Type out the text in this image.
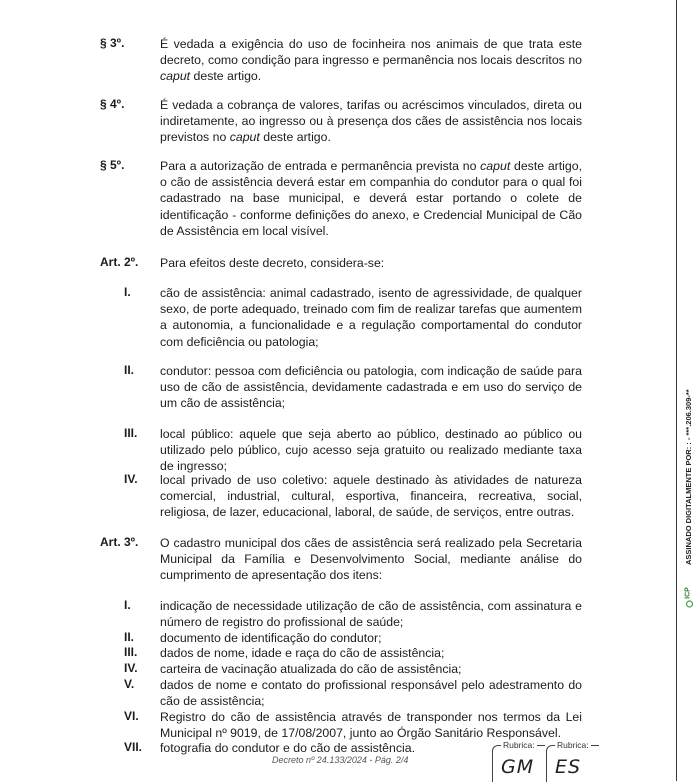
§ 3º.	É vedada a exigência do uso de focinheira nos animais de que trata este decreto, como condição para ingresso e permanência nos locais descritos no caput deste artigo.
§ 4º.	É vedada a cobrança de valores, tarifas ou acréscimos vinculados, direta ou indiretamente, ao ingresso ou à presença dos cães de assistência nos locais previstos no caput deste artigo.
§ 5º.	Para a autorização de entrada e permanência prevista no caput deste artigo, o cão de assistência deverá estar em companhia do condutor para o qual foi cadastrado na base municipal, e deverá estar portando o colete de identificação - conforme definições do anexo, e Credencial Municipal de Cão de Assistência em local visível.
Art. 2º. Para efeitos deste decreto, considera-se:
I. cão de assistência: animal cadastrado, isento de agressividade, de qualquer sexo, de porte adequado, treinado com fim de realizar tarefas que aumentem a autonomia, a funcionalidade e a regulação comportamental do condutor com deficiência ou patologia;
II. condutor: pessoa com deficiência ou patologia, com indicação de saúde para uso de cão de assistência, devidamente cadastrada e em uso do serviço de um cão de assistência;
III. local público: aquele que seja aberto ao público, destinado ao público ou utilizado pelo público, cujo acesso seja gratuito ou realizado mediante taxa de ingresso;
IV. local privado de uso coletivo: aquele destinado às atividades de natureza comercial, industrial, cultural, esportiva, financeira, recreativa, social, religiosa, de lazer, educacional, laboral, de saúde, de serviços, entre outras.
Art. 3º. O cadastro municipal dos cães de assistência será realizado pela Secretaria Municipal da Família e Desenvolvimento Social, mediante análise do cumprimento de apresentação dos itens:
I. indicação de necessidade utilização de cão de assistência, com assinatura e número de registro do profissional de saúde;
II. documento de identificação do condutor;
III. dados de nome, idade e raça do cão de assistência;
IV. carteira de vacinação atualizada do cão de assistência;
V. dados de nome e contato do profissional responsável pelo adestramento do cão de assistência;
VI. Registro do cão de assistência através de transponder nos termos da Lei Municipal nº 9019, de 17/08/2007, junto ao Órgão Sanitário Responsável.
VII. fotografia do condutor e do cão de assistência.
Decreto nº 24.133/2024 - Pág. 2/4
Rubrica:
GM
Rubrica:
ES
ASSINADO DIGITALMENTE POR: : - ***.206.309-**
ICP
